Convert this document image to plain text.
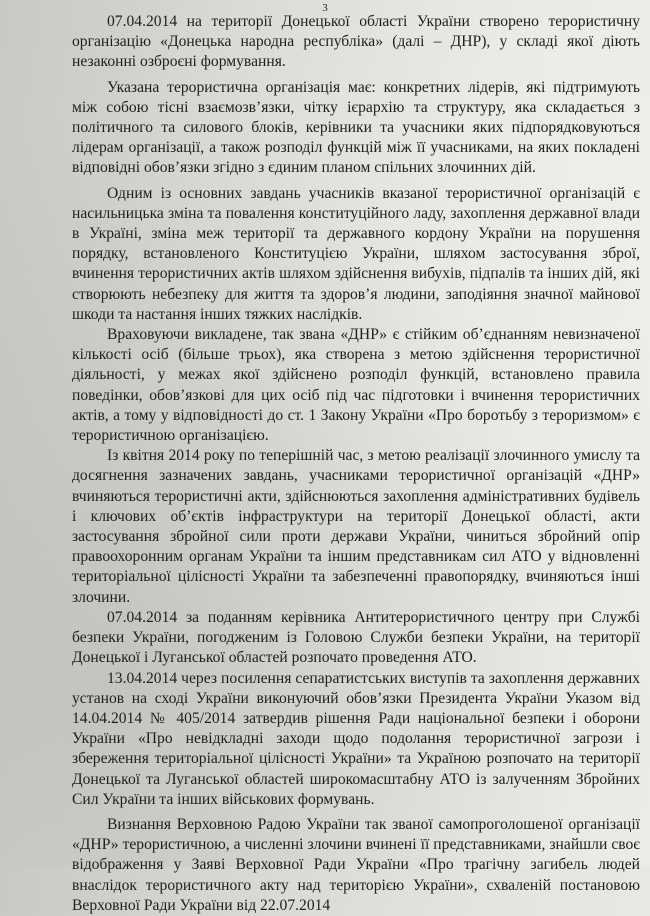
3

07.04.2014 на території Донецької області України створено терористичну організацію «Донецька народна республіка» (далі – ДНР), у складі якої діють незаконні озброєні формування.

Указана терористична організація має: конкретних лідерів, які підтримують між собою тісні взаємозв’язки, чітку ієрархію та структуру, яка складається з політичного та силового блоків, керівники та учасники яких підпорядковуються лідерам організації, а також розподіл функцій між її учасниками, на яких покладені відповідні обов’язки згідно з єдиним планом спільних злочинних дій.

Одним із основних завдань учасників вказаної терористичної організацій є насильницька зміна та повалення конституційного ладу, захоплення державної влади в Україні, зміна меж території та державного кордону України на порушення порядку, встановленого Конституцією України, шляхом застосування зброї, вчинення терористичних актів шляхом здійснення вибухів, підпалів та інших дій, які створюють небезпеку для життя та здоров’я людини, заподіяння значної майнової шкоди та настання інших тяжких наслідків.

Враховуючи викладене, так звана «ДНР» є стійким об’єднанням невизначеної кількості осіб (більше трьох), яка створена з метою здійснення терористичної діяльності, у межах якої здійснено розподіл функцій, встановлено правила поведінки, обов’язкові для цих осіб під час підготовки і вчинення терористичних актів, а тому у відповідності до ст. 1 Закону України «Про боротьбу з тероризмом» є терористичною організацією.

Із квітня 2014 року по теперішній час, з метою реалізації злочинного умислу та досягнення зазначених завдань, учасниками терористичної організацій «ДНР» вчиняються терористичні акти, здійснюються захоплення адміністративних будівель і ключових об’єктів інфраструктури на території Донецької області, акти застосування збройної сили проти держави України, чиниться збройний опір правоохоронним органам України та іншим представникам сил АТО у відновленні територіальної цілісності України та забезпеченні правопорядку, вчиняються інші злочини.

07.04.2014 за поданням керівника Антитерористичного центру при Службі безпеки України, погодженим із Головою Служби безпеки України, на території Донецької і Луганської областей розпочато проведення АТО.

13.04.2014 через посилення сепаратистських виступів та захоплення державних установ на сході України виконуючий обов’язки Президента України Указом від 14.04.2014 № 405/2014 затвердив рішення Ради національної безпеки і оборони України «Про невідкладні заходи щодо подолання терористичної загрози і збереження територіальної цілісності України» та Україною розпочато на території Донецької та Луганської областей широкомасштабну АТО із залученням Збройних Сил України та інших військових формувань.

Визнання Верховною Радою України так званої самопроголошеної організації «ДНР» терористичною, а численні злочини вчинені її представниками, знайшли своє відображення у Заяві Верховної Ради України «Про трагічну загибель людей внаслідок терористичного акту над територією України», схваленій постановою Верховної Ради України від 22.07.2014
